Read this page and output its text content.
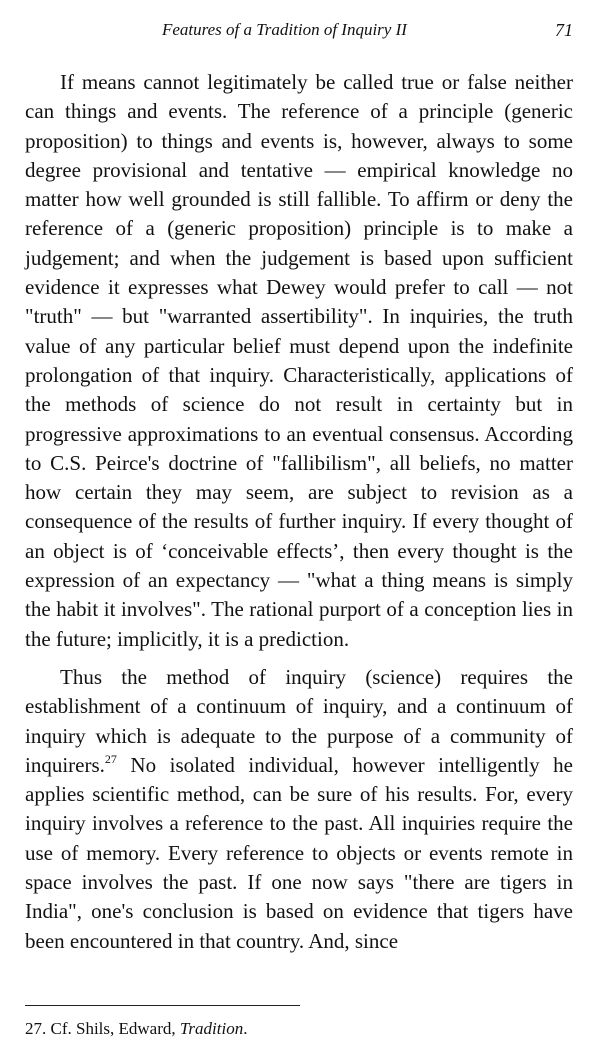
Features of a Tradition of Inquiry II	71

If means cannot legitimately be called true or false neither can things and events. The reference of a principle (generic proposition) to things and events is, however, always to some degree provisional and tentative — empirical knowledge no matter how well grounded is still fallible. To affirm or deny the reference of a (generic proposition) principle is to make a judgement; and when the judgement is based upon sufficient evidence it expresses what Dewey would prefer to call — not "truth" — but "warranted assertibility". In inquiries, the truth value of any particular belief must depend upon the indefinite prolongation of that inquiry. Characteristically, applications of the methods of science do not result in certainty but in progressive approximations to an eventual consensus. According to C.S. Peirce's doctrine of "fallibilism", all beliefs, no matter how certain they may seem, are subject to revision as a consequence of the results of further inquiry. If every thought of an object is of ‘conceivable effects’, then every thought is the expression of an expectancy — "what a thing means is simply the habit it involves". The rational purport of a conception lies in the future; implicitly, it is a prediction.

Thus the method of inquiry (science) requires the establishment of a continuum of inquiry, and a continuum of inquiry which is adequate to the purpose of a community of inquirers.$^{27}$ No isolated individual, however intelligently he applies scientific method, can be sure of his results. For, every inquiry involves a reference to the past. All inquiries require the use of memory. Every reference to objects or events remote in space involves the past. If one now says "there are tigers in India", one's conclusion is based on evidence that tigers have been encountered in that country. And, since

27. Cf. Shils, Edward, Tradition.
